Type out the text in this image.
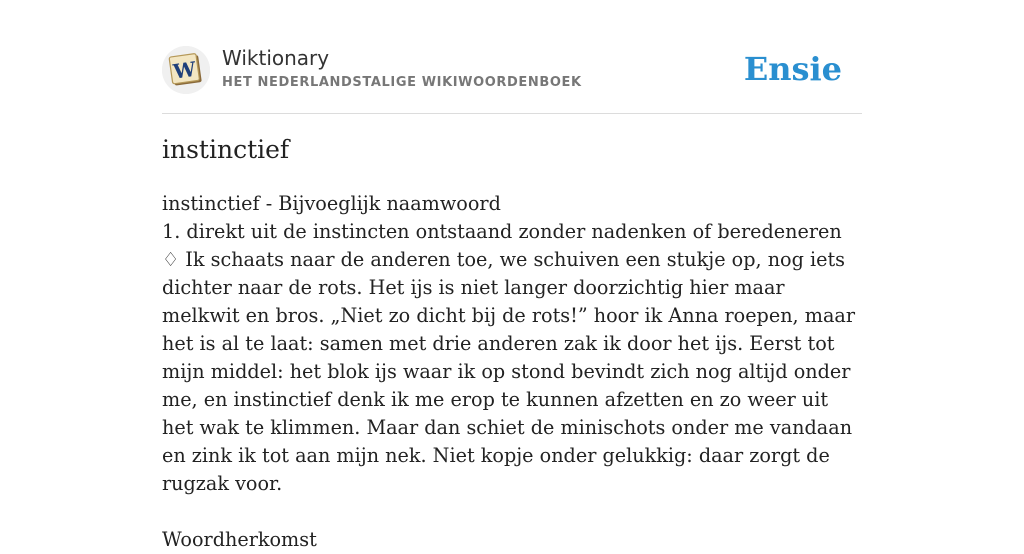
W Wiktionary
HET NEDERLANDSTALIGE WIKIWOORDENBOEK	Ensie
instinctief

instinctief - Bijvoeglijk naamwoord

1. direkt uit de instincten ontstaand zonder nadenken of beredeneren

♢ Ik schaats naar de anderen toe, we schuiven een stukje op, nog iets dichter naar de rots. Het ijs is niet langer doorzichtig hier maar melkwit en bros. „Niet zo dicht bij de rots!” hoor ik Anna roepen, maar het is al te laat: samen met drie anderen zak ik door het ijs. Eerst tot mijn middel: het blok ijs waar ik op stond bevindt zich nog altijd onder me, en instinctief denk ik me erop te kunnen afzetten en zo weer uit het wak te klimmen. Maar dan schiet de minischots onder me vandaan en zink ik tot aan mijn nek. Niet kopje onder gelukkig: daar zorgt de rugzak voor.

Woordherkomst
